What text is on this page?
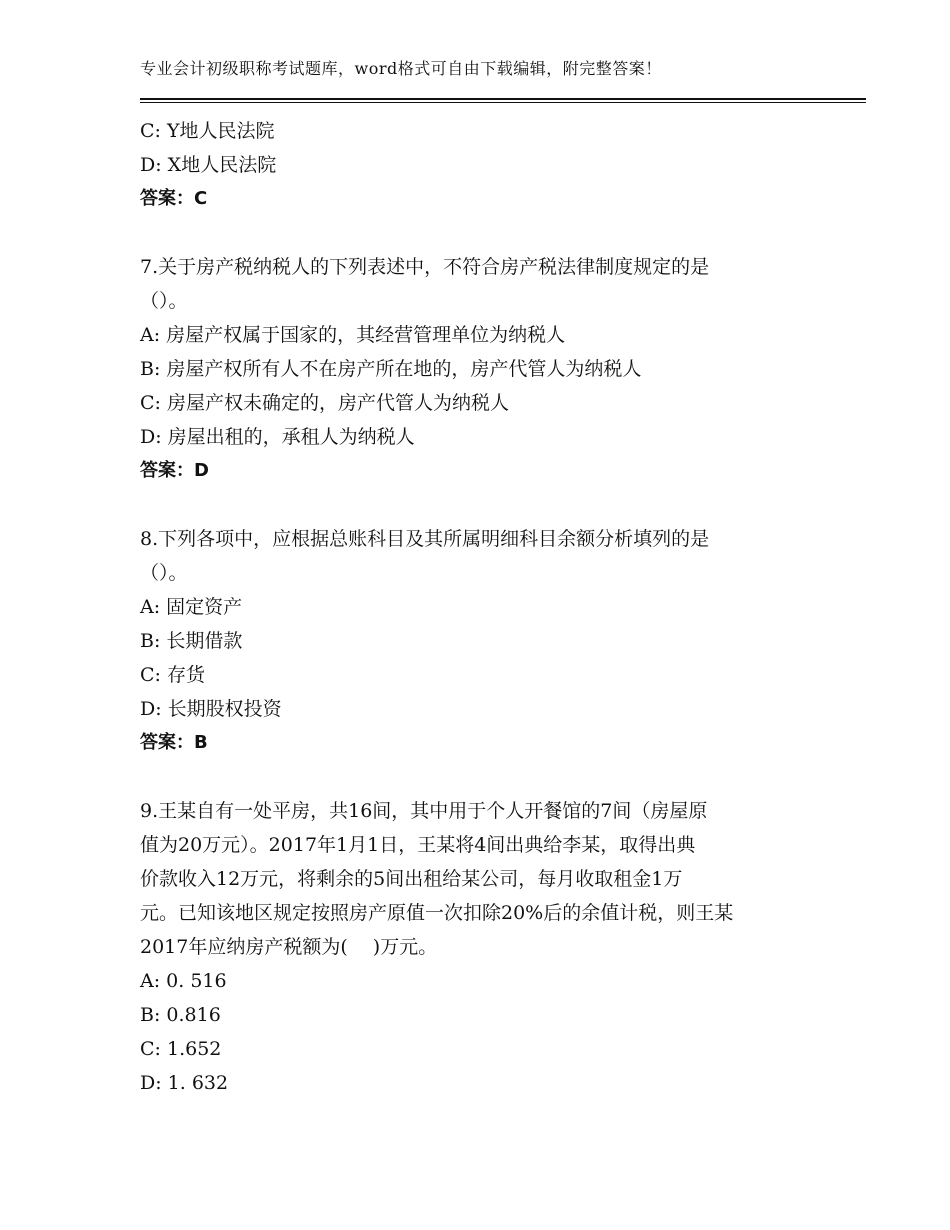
专业会计初级职称考试题库，word格式可自由下载编辑，附完整答案！
C: Y地人民法院
D: X地人民法院
答案：C
7.关于房产税纳税人的下列表述中，不符合房产税法律制度规定的是
（）。
A: 房屋产权属于国家的，其经营管理单位为纳税人
B: 房屋产权所有人不在房产所在地的，房产代管人为纳税人
C: 房屋产权未确定的，房产代管人为纳税人
D: 房屋出租的，承租人为纳税人
答案：D
8.下列各项中，应根据总账科目及其所属明细科目余额分析填列的是
（）。
A: 固定资产
B: 长期借款
C: 存货
D: 长期股权投资
答案：B
9.王某自有一处平房，共16间，其中用于个人开餐馆的7间（房屋原
值为20万元）。2017年1月1日，王某将4间出典给李某，取得出典
价款收入12万元，将剩余的5间出租给某公司，每月收取租金1万
元。已知该地区规定按照房产原值一次扣除20%后的余值计税，则王某
2017年应纳房产税额为(　 )万元。
A: 0. 516
B: 0.816
C: 1.652
D: 1. 632
